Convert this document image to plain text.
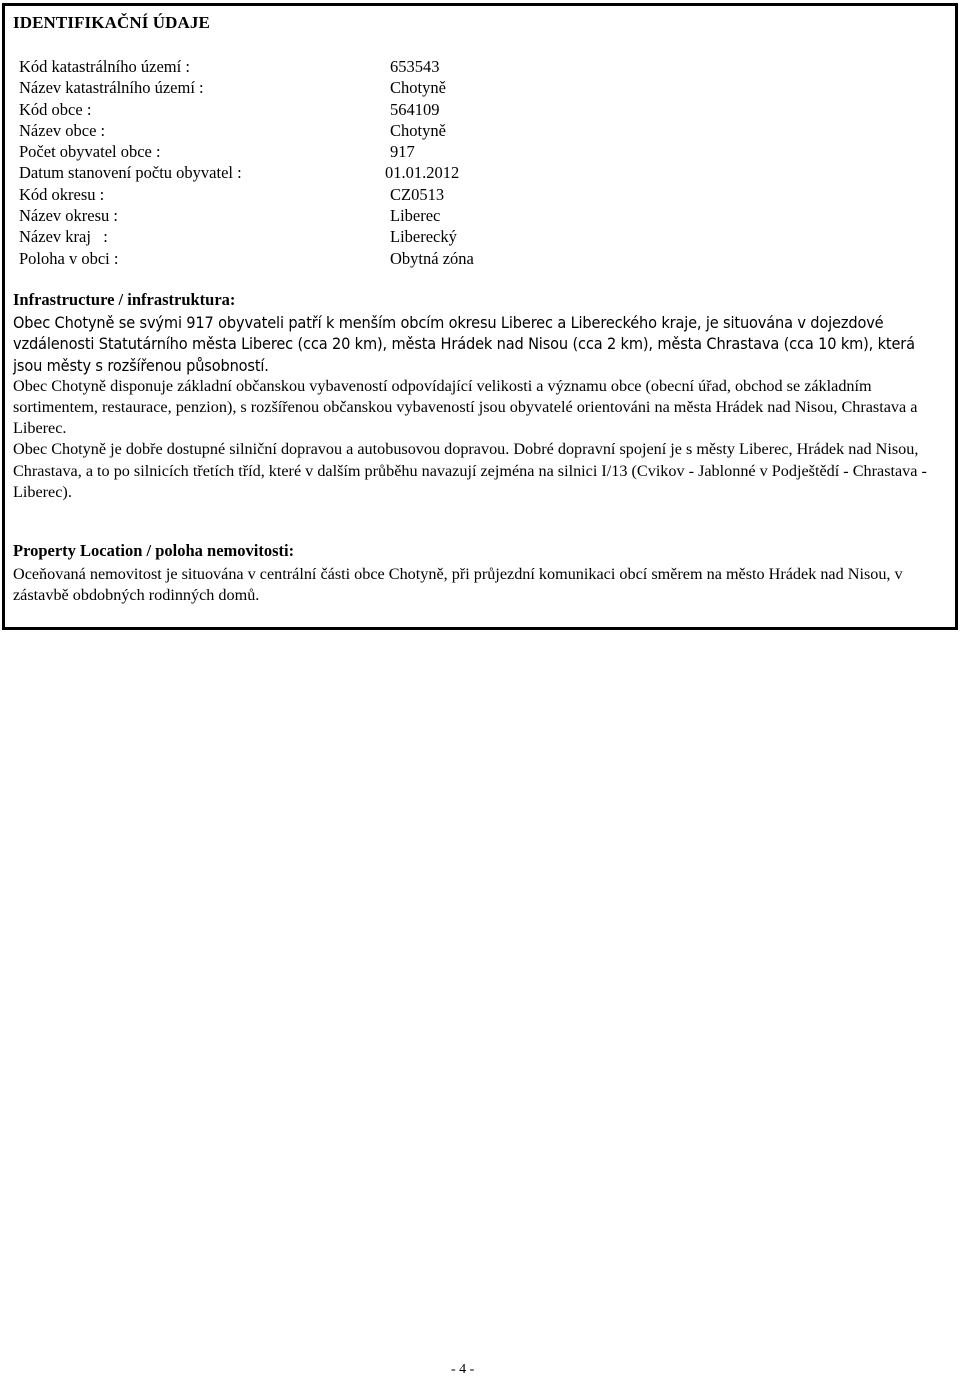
IDENTIFIKAČNÍ ÚDAJE
Kód katastrálního území :	653543
Název katastrálního území :	Chotyně
Kód obce :	564109
Název obce :	Chotyně
Počet obyvatel obce :	917
Datum stanovení počtu obyvatel :	01.01.2012
Kód okresu :	CZ0513
Název okresu :	Liberec
Název kraj   :	Liberecký
Poloha v obci :	Obytná zóna
Infrastructure / infrastruktura:

Obec Chotyně se svými 917 obyvateli patří k menším obcím okresu Liberec a Libereckého kraje, je situována v dojezdové vzdálenosti Statutárního města Liberec (cca 20 km), města Hrádek nad Nisou (cca 2 km), města Chrastava (cca 10 km), která jsou městy s rozšířenou působností.

Obec Chotyně disponuje základní občanskou vybaveností odpovídající velikosti a významu obce (obecní úřad, obchod se základním sortimentem, restaurace, penzion), s rozšířenou občanskou vybaveností jsou obyvatelé orientováni na města Hrádek nad Nisou, Chrastava a Liberec.

Obec Chotyně je dobře dostupné silniční dopravou a autobusovou dopravou. Dobré dopravní spojení je s městy Liberec, Hrádek nad Nisou, Chrastava, a to po silnicích třetích tříd, které v dalším průběhu navazují zejména na silnici I/13 (Cvikov - Jablonné v Podještědí - Chrastava - Liberec).

Property Location / poloha nemovitosti:

Oceňovaná nemovitost je situována v centrální části obce Chotyně, při průjezdní komunikaci obcí směrem na město Hrádek nad Nisou, v zástavbě obdobných rodinných domů.

- 4 -
